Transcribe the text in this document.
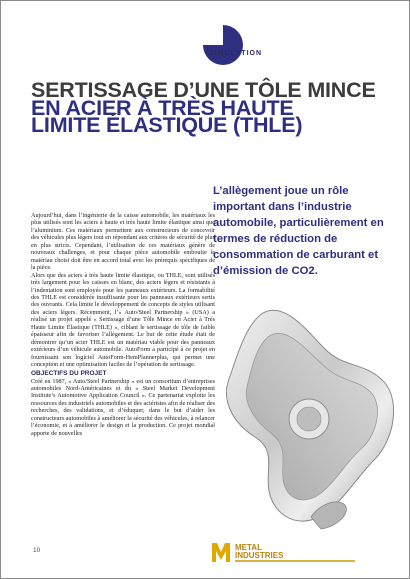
SIMULATION
SERTISSAGE D’UNE TÔLE MINCE
EN ACIER À TRÈS HAUTE
LIMITE ÉLASTIQUE (THLE)

L’allègement joue un rôle important dans l’industrie automobile, particulièrement en termes de réduction de consommation de carburant et d’émission de CO2.

Aujourd’hui, dans l’ingénierie de la caisse automobile, les matériaux les plus utilisés sont les aciers à haute et très haute limite élastique ainsi que l’aluminium. Ces matériaux permettent aux constructeurs de concevoir des véhicules plus légers tout en répondant aux critères de sécurité de plus en plus stricts. Cependant, l’utilisation de ces matériaux génère de nouveaux challenges, et pour chaque pièce automobile emboutie le matériau choisi doit être en accord total avec les prérequis spécifiques de la pièce.

Alors que des aciers à très haute limite élastique, ou THLE, sont utilisés très largement pour les caisses en blanc, des aciers légers et résistants à l’indentation sont employés pour les panneaux extérieurs. La formabilité des THLE est considérée insuffisante pour les panneaux extérieurs sertis des ouvrants. Cela limite le développement de concepts de styles utilisant des aciers légers. Récemment, l’« Auto/Steel Partnership » (USA) a réalisé un projet appelé « Sertissage d’une Tôle Mince en Acier à Très Haute Limite Élastique (THLE) », ciblant le sertissage de tôle de faible épaisseur afin de favoriser l’allègement. Le but de cette étude était de démontrer qu’un acier THLE est un matériau viable pour des panneaux extérieurs d’un véhicule automobile. AutoForm a participé à ce projet en fournissant son logiciel AutoForm-HemPlannerplus, qui permet une conception et une optimisation faciles de l’opération de sertissage.

OBJECTIFS DU PROJET

Créé en 1987, « Auto/Steel Partnership » est un consortium d’entreprises automobiles Nord-Américaines et du « Steel Market Development Institute’s Automotive Application Council ». Ce partenariat exploite les ressources des industriels automobiles et des aciéristes afin de réaliser des recherches, des validations, et d’éduquer, dans le but d’aider les constructeurs automobiles à améliorer la sécurité des véhicules, à relancer l’économie, et à améliorer le design et la production. Ce projet mondial apporte de nouvelles

10	METAL
INDUSTRIES
